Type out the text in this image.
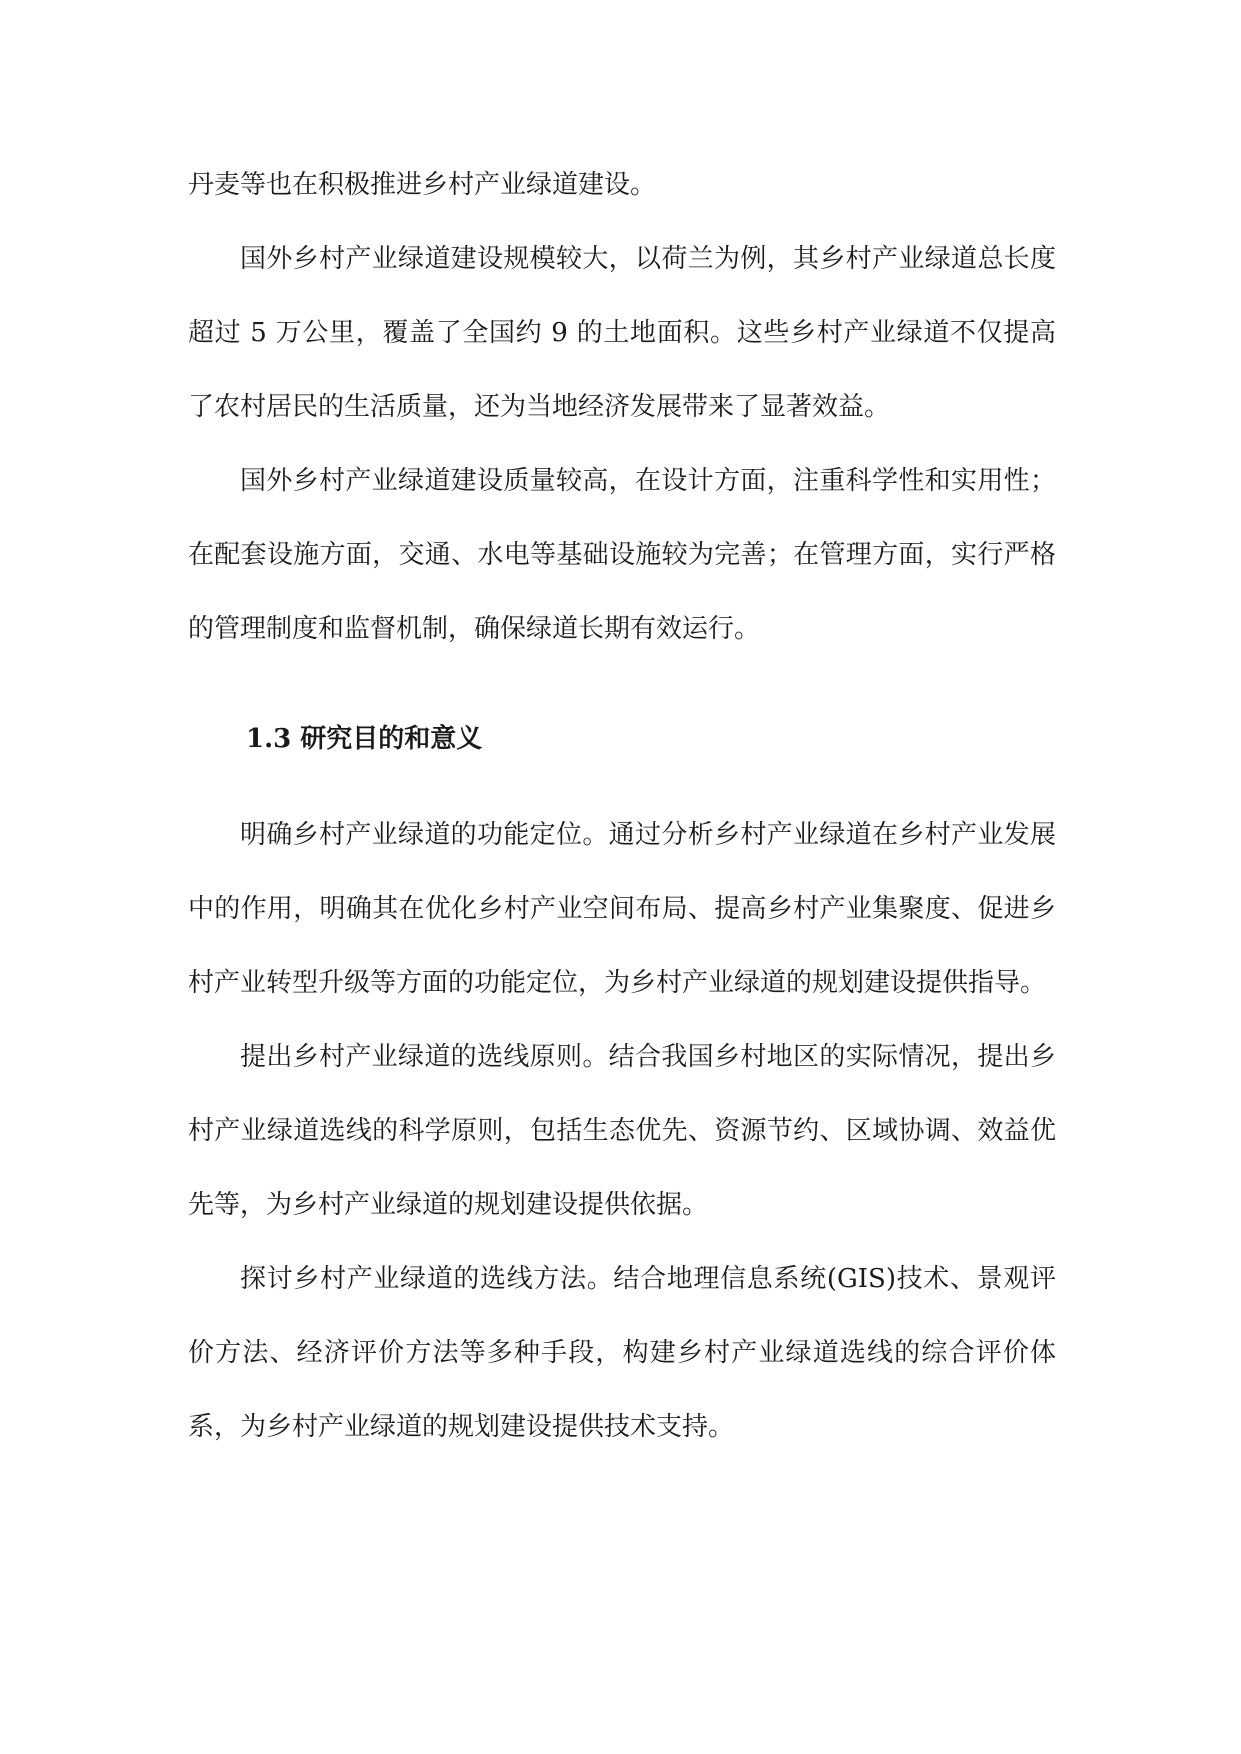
丹麦等也在积极推进乡村产业绿道建设。

国外乡村产业绿道建设规模较大，以荷兰为例，其乡村产业绿道总长度超过 5 万公里，覆盖了全国约 9 的土地面积。这些乡村产业绿道不仅提高了农村居民的生活质量，还为当地经济发展带来了显著效益。

国外乡村产业绿道建设质量较高，在设计方面，注重科学性和实用性；在配套设施方面，交通、水电等基础设施较为完善；在管理方面，实行严格的管理制度和监督机制，确保绿道长期有效运行。

1.3 研究目的和意义

明确乡村产业绿道的功能定位。通过分析乡村产业绿道在乡村产业发展中的作用，明确其在优化乡村产业空间布局、提高乡村产业集聚度、促进乡村产业转型升级等方面的功能定位，为乡村产业绿道的规划建设提供指导。

提出乡村产业绿道的选线原则。结合我国乡村地区的实际情况，提出乡村产业绿道选线的科学原则，包括生态优先、资源节约、区域协调、效益优先等，为乡村产业绿道的规划建设提供依据。

探讨乡村产业绿道的选线方法。结合地理信息系统(GIS)技术、景观评价方法、经济评价方法等多种手段，构建乡村产业绿道选线的综合评价体系，为乡村产业绿道的规划建设提供技术支持。
